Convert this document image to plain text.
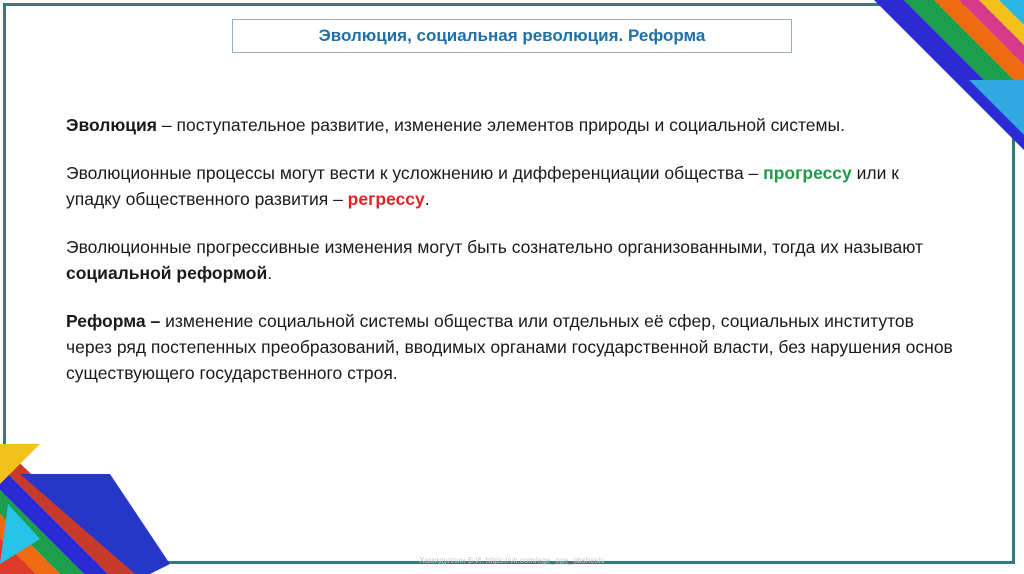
Эволюция, социальная революция. Реформа

Эволюция – поступательное развитие, изменение элементов природы и социальной системы.

Эволюционные процессы могут вести к усложнению и дифференциации общества – прогрессу или к упадку общественного развития – регрессу.

Эволюционные прогрессивные изменения могут быть сознательно организованными, тогда их называют социальной реформой.

Реформа – изменение социальной системы общества или отдельных её сфер, социальных институтов через ряд постепенных преобразований, вводимых органами государственной власти, без нарушения основ существующего государственного строя.

Хамидуллин Б.И. https://vk.com/ege_oge_obshestv
